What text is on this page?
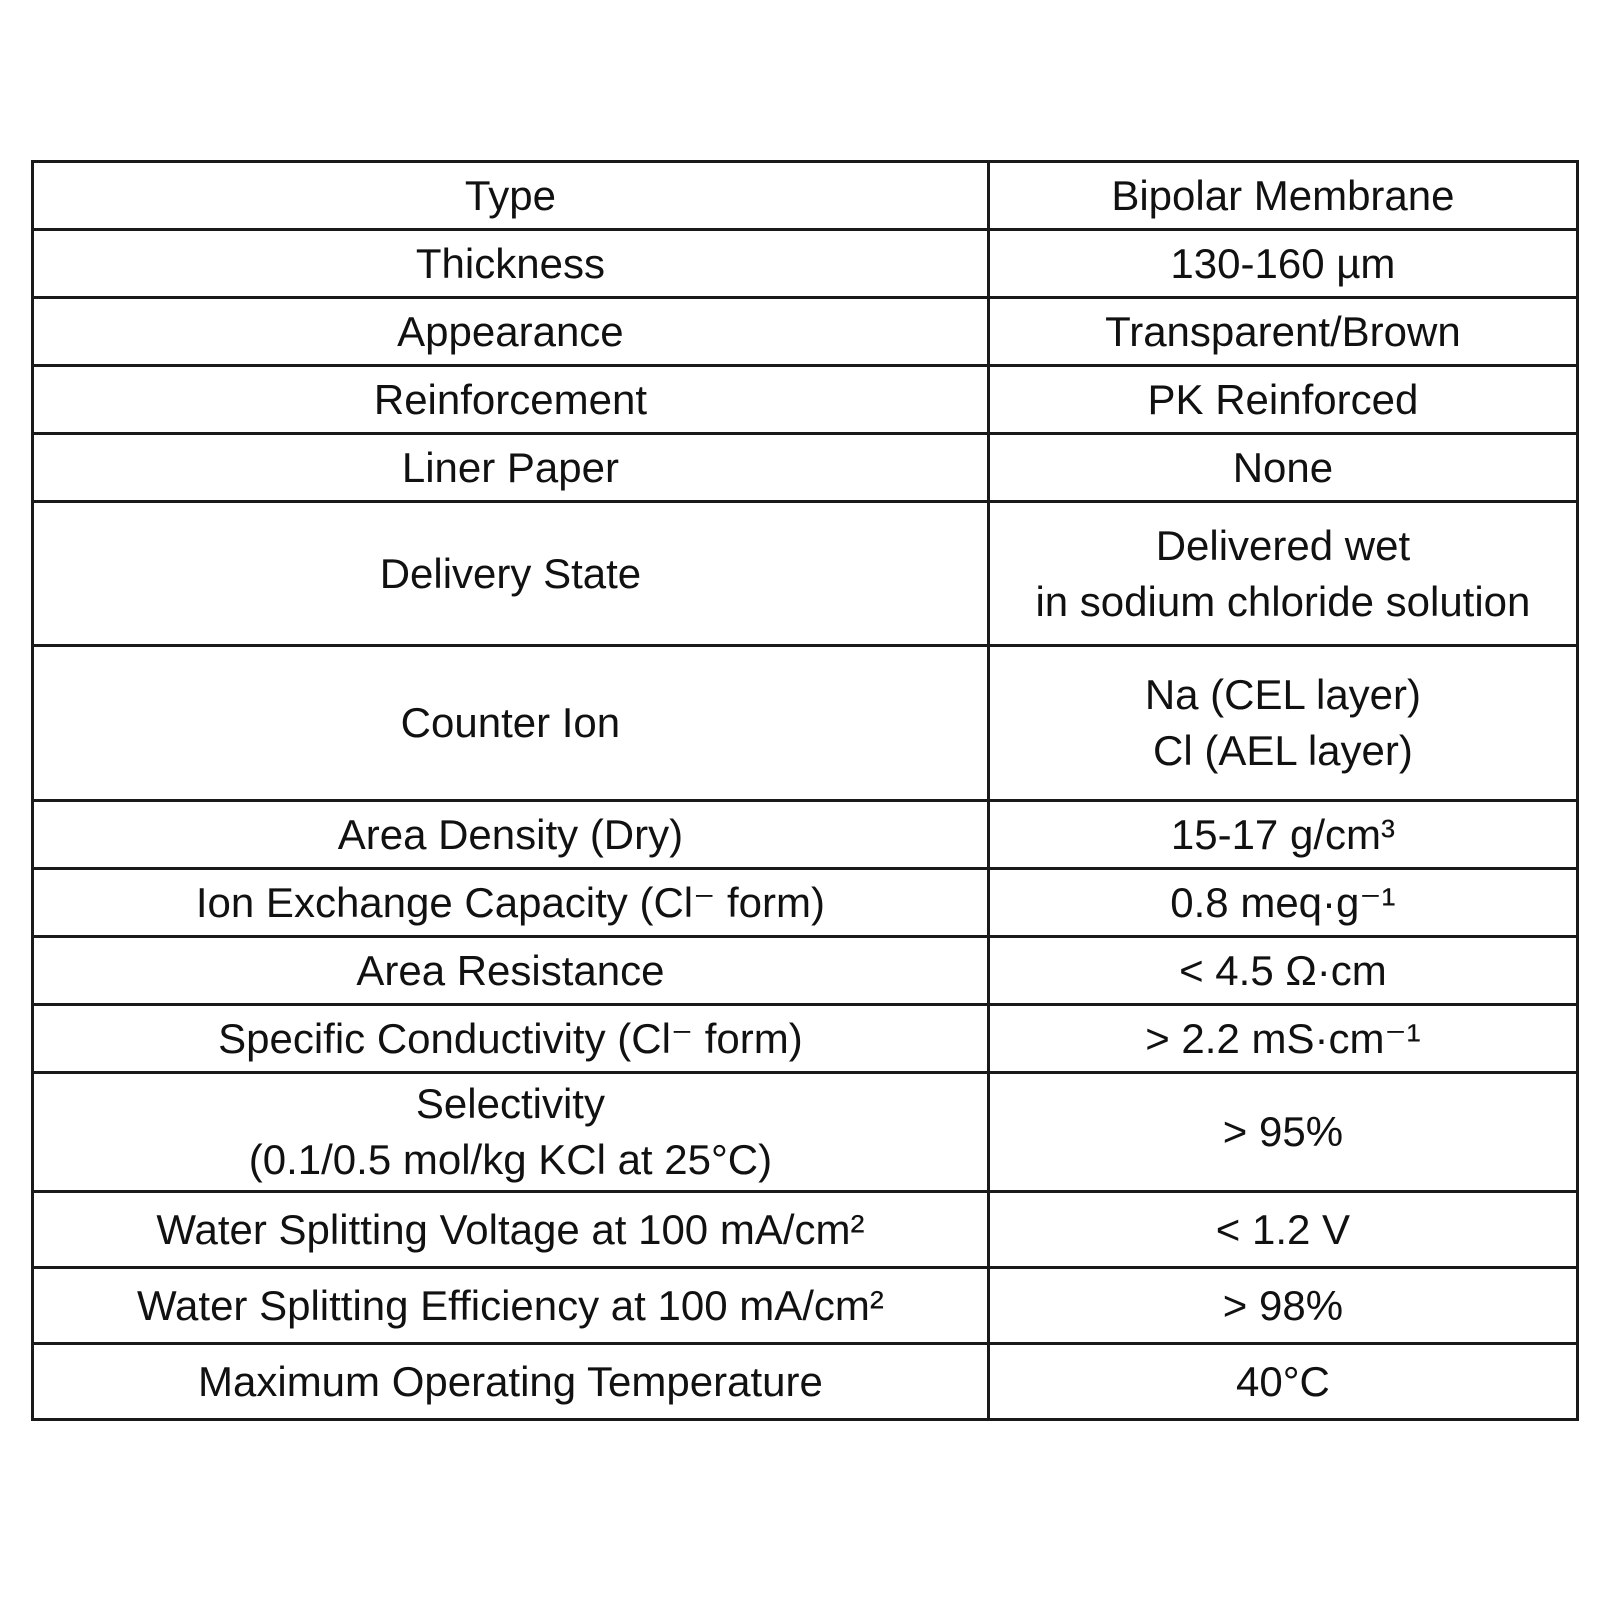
Type	Bipolar Membrane

Thickness	130-160 µm

Appearance	Transparent/Brown

Reinforcement	PK Reinforced

Liner Paper	None

Delivery State	Delivered wet
in sodium chloride solution

Counter Ion	Na (CEL layer)
Cl (AEL layer)

Area Density (Dry)	15-17 g/cm³

Ion Exchange Capacity (Cl⁻ form)	0.8 meq·g⁻¹

Area Resistance	< 4.5 Ω·cm

Specific Conductivity (Cl⁻ form)	> 2.2 mS·cm⁻¹

Selectivity
(0.1/0.5 mol/kg KCl at 25°C)	> 95%

Water Splitting Voltage at 100 mA/cm²	< 1.2 V

Water Splitting Efficiency at 100 mA/cm²	> 98%

Maximum Operating Temperature	40°C
